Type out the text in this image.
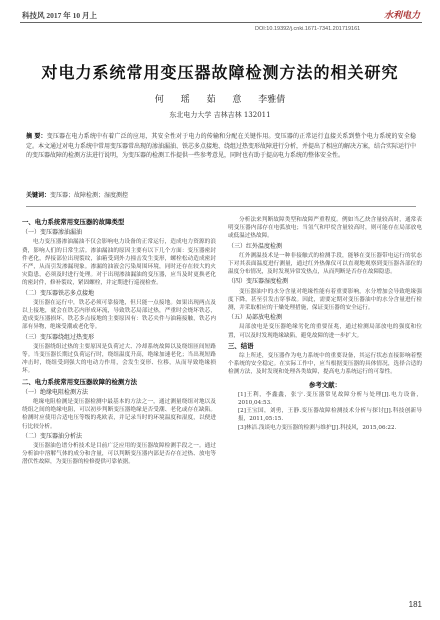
科技风 2017 年 10 月上	水利电力
DOI:10.19392/j.cnki.1671-7341.201719161
对电力系统常用变压器故障检测方法的相关研究
何 瑶 茹 意 李雅倩
东北电力大学 吉林吉林 132011
摘 要：变压器在电力系统中有着广泛的应用，其安全性对于电力的传输和分配在关键作用。变压器的正常运行直接关系到整个电力系统的安全稳定。本文通过对电力系统中常用变压器常出现的渗油漏油、铁芯多点接地、绕组过热变形故障进行分析，并提出了相应的解决方案，结合实际运行中的变压器故障的检测方法进行说明，为变压器的检测工作提供一些参考意见，同时也有助于提高电力系统的整体安全性。
关键词：变压器；故障检测；湿度测控
一、电力系统常用变压器的故障类型
（一）变压器渗油漏油

电力变压器渗油漏油不仅会影响电力设备的正常运行，造成电力资源的浪费，影响人们的日常生活。渗油漏油的原因主要有以下几个方面：变压器密封件老化，焊接部位出现裂纹，油箱受到外力撞击发生变形，螺栓松动造成密封不严，从而引发渗漏现象。渗漏的油液会污染周围环境，同时还存在较大的火灾隐患，必须及时进行处理。对于出现渗油漏油的变压器，应当及时更换老化的密封件，修补裂纹，紧固螺栓，并定期进行巡视检查。

（二）变压器铁芯多点接地

变压器在运行中，铁芯必须可靠接地，但只能一点接地。如果出现两点及以上接地，就会在铁芯内形成环流，导致铁芯局部过热，严重时会烧坏铁芯，造成变压器损坏。铁芯多点接地的主要原因有：铁芯夹件与油箱接触，铁芯内部有异物，绝缘受潮或老化等。

（三）变压器绕组过热变形

变压器绕组过热的主要原因是负荷过大、冷却系统故障以及绕组匝间短路等。当变压器长期过负荷运行时，绕组温度升高，绝缘加速老化；当出现短路冲击时，绕组受到强大的电动力作用，会发生变形、位移，从而导致绝缘损坏。

二、电力系统常用变压器故障的检测方法
（一）绝缘电阻检测方法

绝缘电阻检测是变压器检测中最基本的方法之一，通过测量绕组对地以及绕组之间的绝缘电阻，可以初步判断变压器绝缘是否受潮、老化或存在缺陷。检测时应使用合适电压等级的兆欧表，并记录当时的环境温度和湿度，以便进行比较分析。

（二）变压器油分析法

变压器油色谱分析技术是目前广泛应用的变压器故障检测手段之一。通过分析油中溶解气体的成分和含量，可以判断变压器内部是否存在过热、放电等潜伏性故障，为变压器的检修提供可靠依据。

分析法来判断故障类型和故障严重程度。例如当乙炔含量较高时，通常表明变压器内部存在电弧放电；当氢气和甲烷含量较高时，则可能存在局部放电或低温过热故障。

（三）红外温度检测

红外测温技术是一种非接触式的检测手段，能够在变压器带电运行的状态下对其表面温度进行测量，通过红外热像仪可以直观地观察到变压器各部位的温度分布情况，及时发现异常发热点，从而判断是否存在故障隐患。

（四）变压器湿度检测

变压器油中的水分含量对绝缘性能有着重要影响，水分增加会导致绝缘强度下降，甚至引发击穿事故。因此，需要定期对变压器油中的水分含量进行检测，并采取相应的干燥处理措施，保证变压器的安全运行。

（五）局部放电检测

局部放电是变压器绝缘劣化的重要征兆，通过检测局部放电的强度和位置，可以及时发现绝缘缺陷，避免故障的进一步扩大。

三、结语

综上所述，变压器作为电力系统中的重要设备，其运行状态直接影响着整个系统的安全稳定。在实际工作中，应当根据变压器的具体情况，选择合适的检测方法，及时发现和处理各类故障，提高电力系统运行的可靠性。

参考文献：

[1]王利，李鑫鑫，张宁.变压器常见故障分析与处理[J].电力设备，2010,04:53.

[2]王宝国，刘勇，王静.变压器故障检测技术分析与探讨[J].科技创新导报，2011,05:15.

[3]林洁.浅谈电力变压器的检测与维护[J].科技风，2015,06:22.

181
